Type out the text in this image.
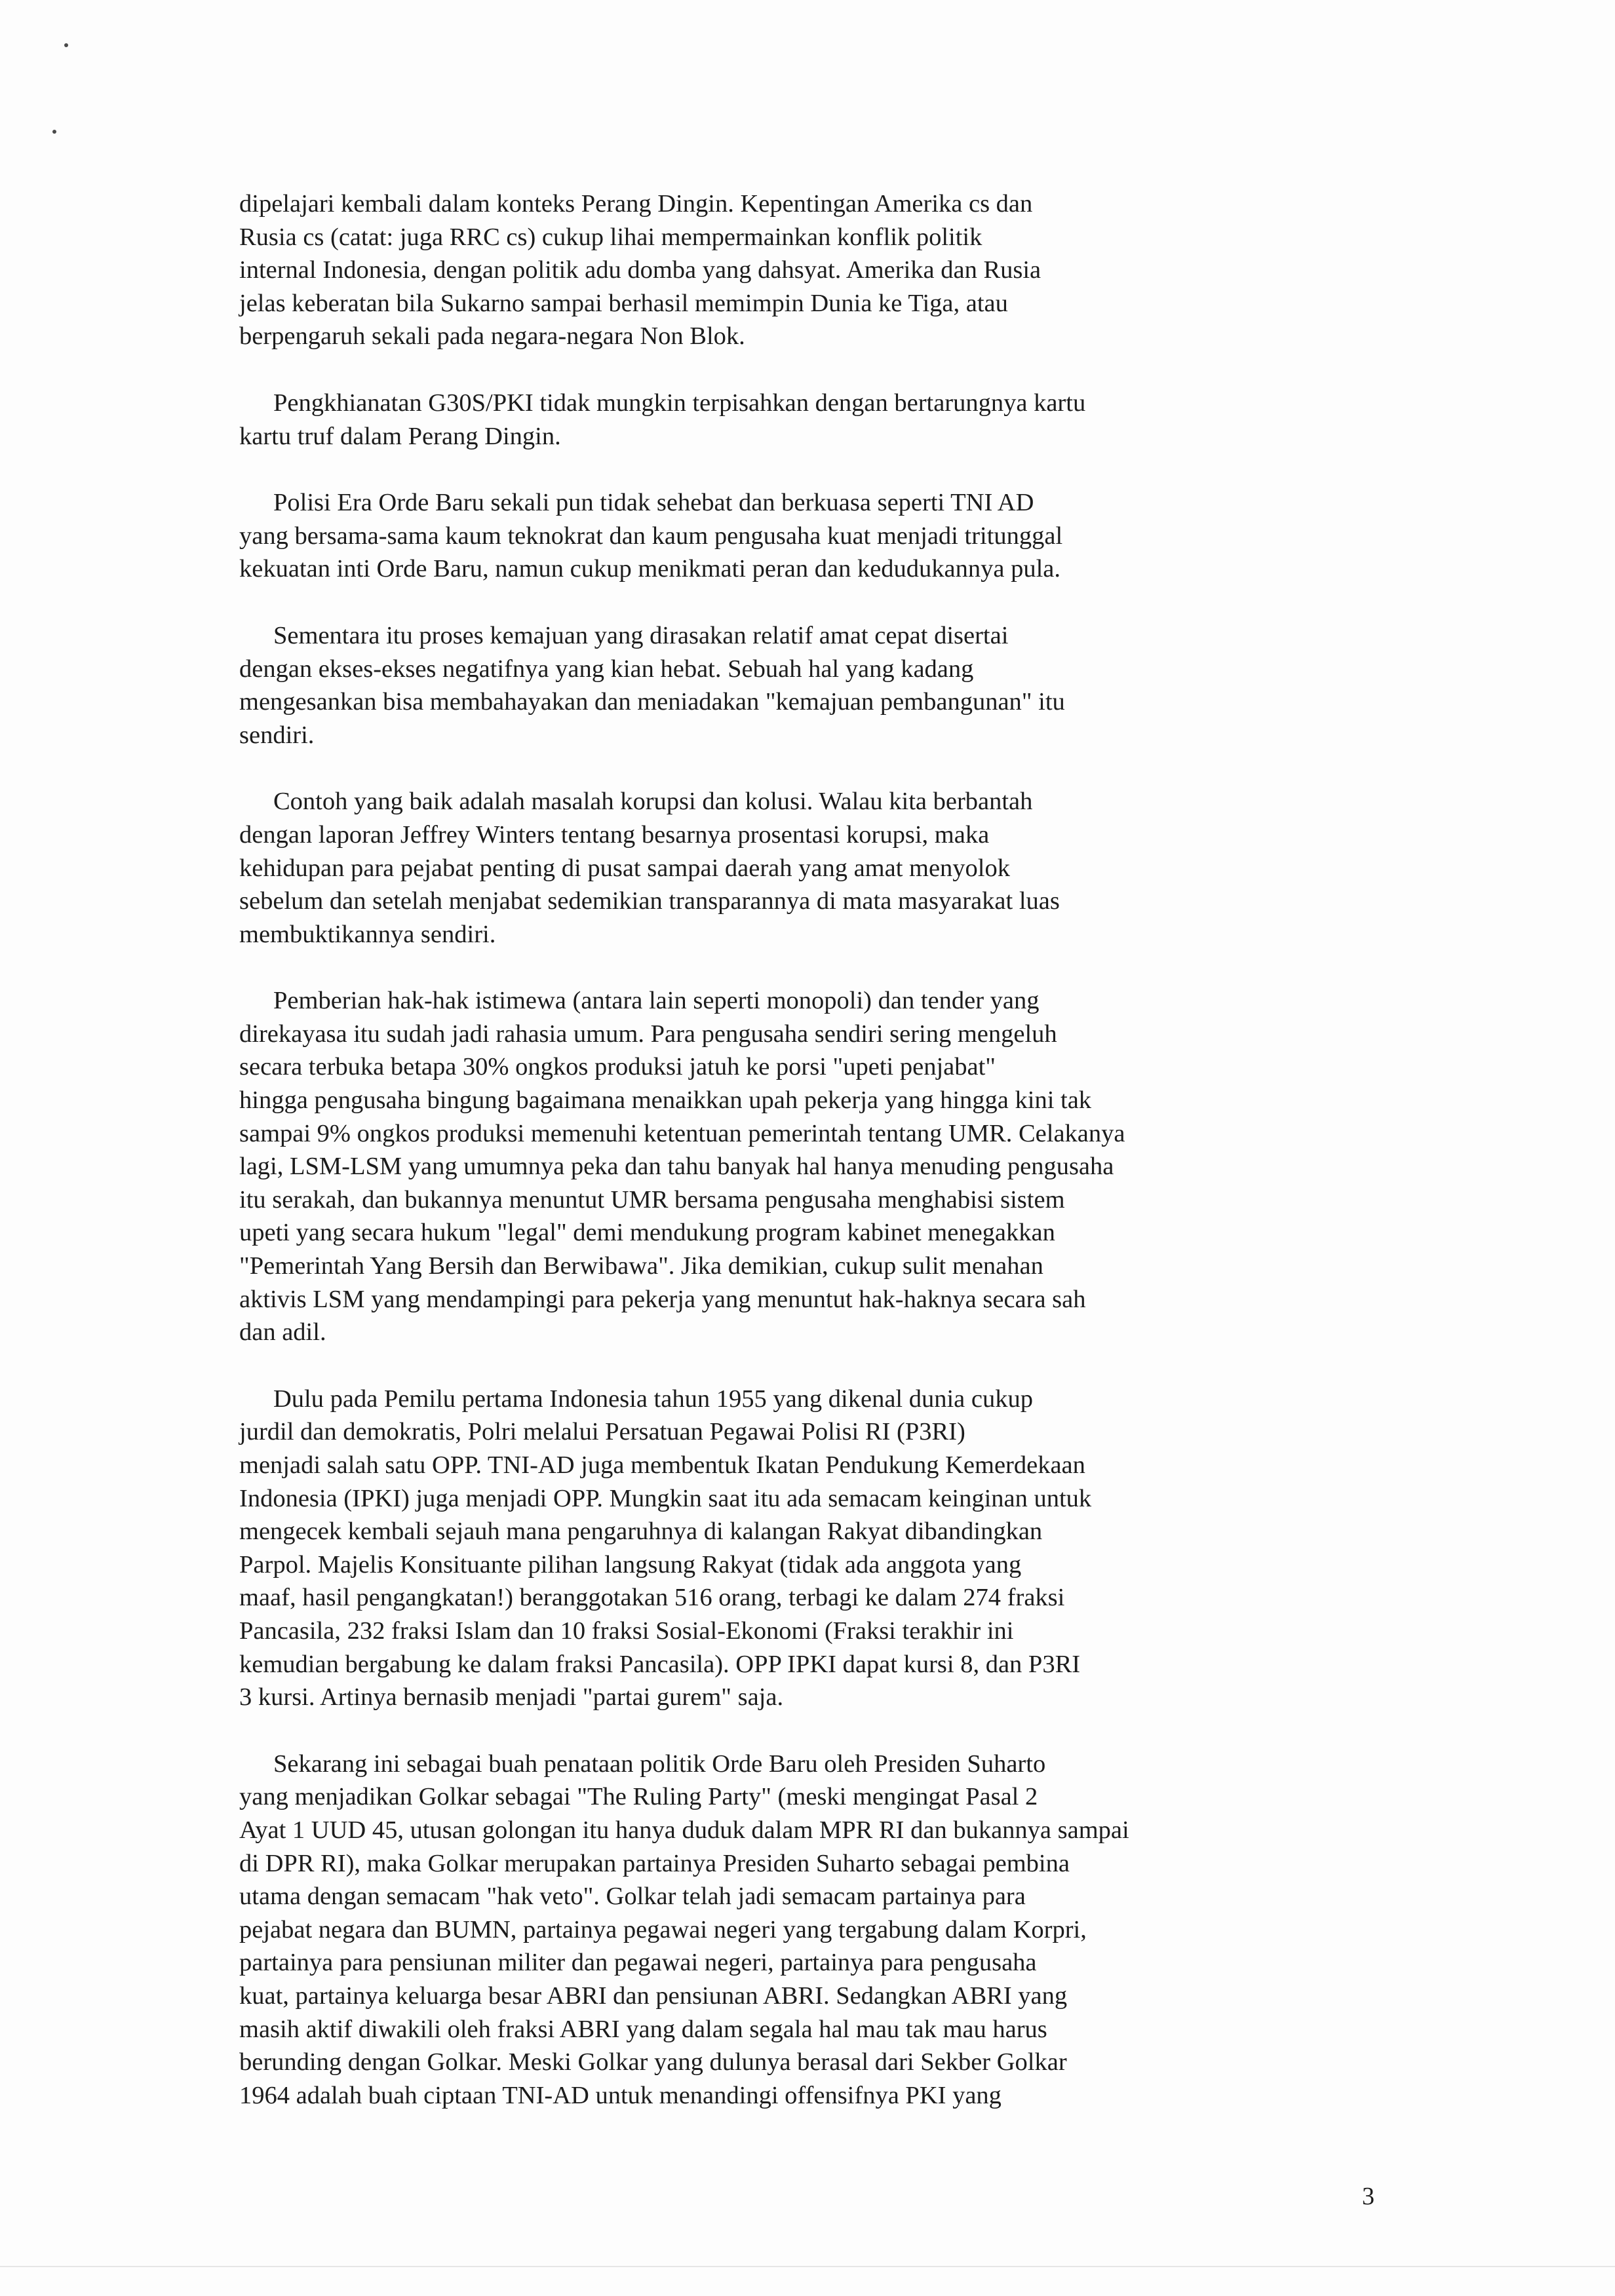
dipelajari kembali dalam konteks Perang Dingin. Kepentingan Amerika cs dan
Rusia cs (catat: juga RRC cs) cukup lihai mempermainkan konflik politik
internal Indonesia, dengan politik adu domba yang dahsyat. Amerika dan Rusia
jelas keberatan bila Sukarno sampai berhasil memimpin Dunia ke Tiga, atau
berpengaruh sekali pada negara-negara Non Blok.

Pengkhianatan G30S/PKI tidak mungkin terpisahkan dengan bertarungnya kartu
kartu truf dalam Perang Dingin.

Polisi Era Orde Baru sekali pun tidak sehebat dan berkuasa seperti TNI AD
yang bersama-sama kaum teknokrat dan kaum pengusaha kuat menjadi tritunggal
kekuatan inti Orde Baru, namun cukup menikmati peran dan kedudukannya pula.

Sementara itu proses kemajuan yang dirasakan relatif amat cepat disertai
dengan ekses-ekses negatifnya yang kian hebat. Sebuah hal yang kadang
mengesankan bisa membahayakan dan meniadakan "kemajuan pembangunan" itu
sendiri.

Contoh yang baik adalah masalah korupsi dan kolusi. Walau kita berbantah
dengan laporan Jeffrey Winters tentang besarnya prosentasi korupsi, maka
kehidupan para pejabat penting di pusat sampai daerah yang amat menyolok
sebelum dan setelah menjabat sedemikian transparannya di mata masyarakat luas
membuktikannya sendiri.

Pemberian hak-hak istimewa (antara lain seperti monopoli) dan tender yang
direkayasa itu sudah jadi rahasia umum. Para pengusaha sendiri sering mengeluh
secara terbuka betapa 30% ongkos produksi jatuh ke porsi "upeti penjabat"
hingga pengusaha bingung bagaimana menaikkan upah pekerja yang hingga kini tak
sampai 9% ongkos produksi memenuhi ketentuan pemerintah tentang UMR. Celakanya
lagi, LSM-LSM yang umumnya peka dan tahu banyak hal hanya menuding pengusaha
itu serakah, dan bukannya menuntut UMR bersama pengusaha menghabisi sistem
upeti yang secara hukum "legal" demi mendukung program kabinet menegakkan
"Pemerintah Yang Bersih dan Berwibawa". Jika demikian, cukup sulit menahan
aktivis LSM yang mendampingi para pekerja yang menuntut hak-haknya secara sah
dan adil.

Dulu pada Pemilu pertama Indonesia tahun 1955 yang dikenal dunia cukup
jurdil dan demokratis, Polri melalui Persatuan Pegawai Polisi RI (P3RI)
menjadi salah satu OPP. TNI-AD juga membentuk Ikatan Pendukung Kemerdekaan
Indonesia (IPKI) juga menjadi OPP. Mungkin saat itu ada semacam keinginan untuk
mengecek kembali sejauh mana pengaruhnya di kalangan Rakyat dibandingkan
Parpol. Majelis Konsituante pilihan langsung Rakyat (tidak ada anggota yang
maaf, hasil pengangkatan!) beranggotakan 516 orang, terbagi ke dalam 274 fraksi
Pancasila, 232 fraksi Islam dan 10 fraksi Sosial-Ekonomi (Fraksi terakhir ini
kemudian bergabung ke dalam fraksi Pancasila). OPP IPKI dapat kursi 8, dan P3RI
3 kursi. Artinya bernasib menjadi "partai gurem" saja.

Sekarang ini sebagai buah penataan politik Orde Baru oleh Presiden Suharto
yang menjadikan Golkar sebagai "The Ruling Party" (meski mengingat Pasal 2
Ayat 1 UUD 45, utusan golongan itu hanya duduk dalam MPR RI dan bukannya sampai
di DPR RI), maka Golkar merupakan partainya Presiden Suharto sebagai pembina
utama dengan semacam "hak veto". Golkar telah jadi semacam partainya para
pejabat negara dan BUMN, partainya pegawai negeri yang tergabung dalam Korpri,
partainya para pensiunan militer dan pegawai negeri, partainya para pengusaha
kuat, partainya keluarga besar ABRI dan pensiunan ABRI. Sedangkan ABRI yang
masih aktif diwakili oleh fraksi ABRI yang dalam segala hal mau tak mau harus
berunding dengan Golkar. Meski Golkar yang dulunya berasal dari Sekber Golkar
1964 adalah buah ciptaan TNI-AD untuk menandingi offensifnya PKI yang

3
